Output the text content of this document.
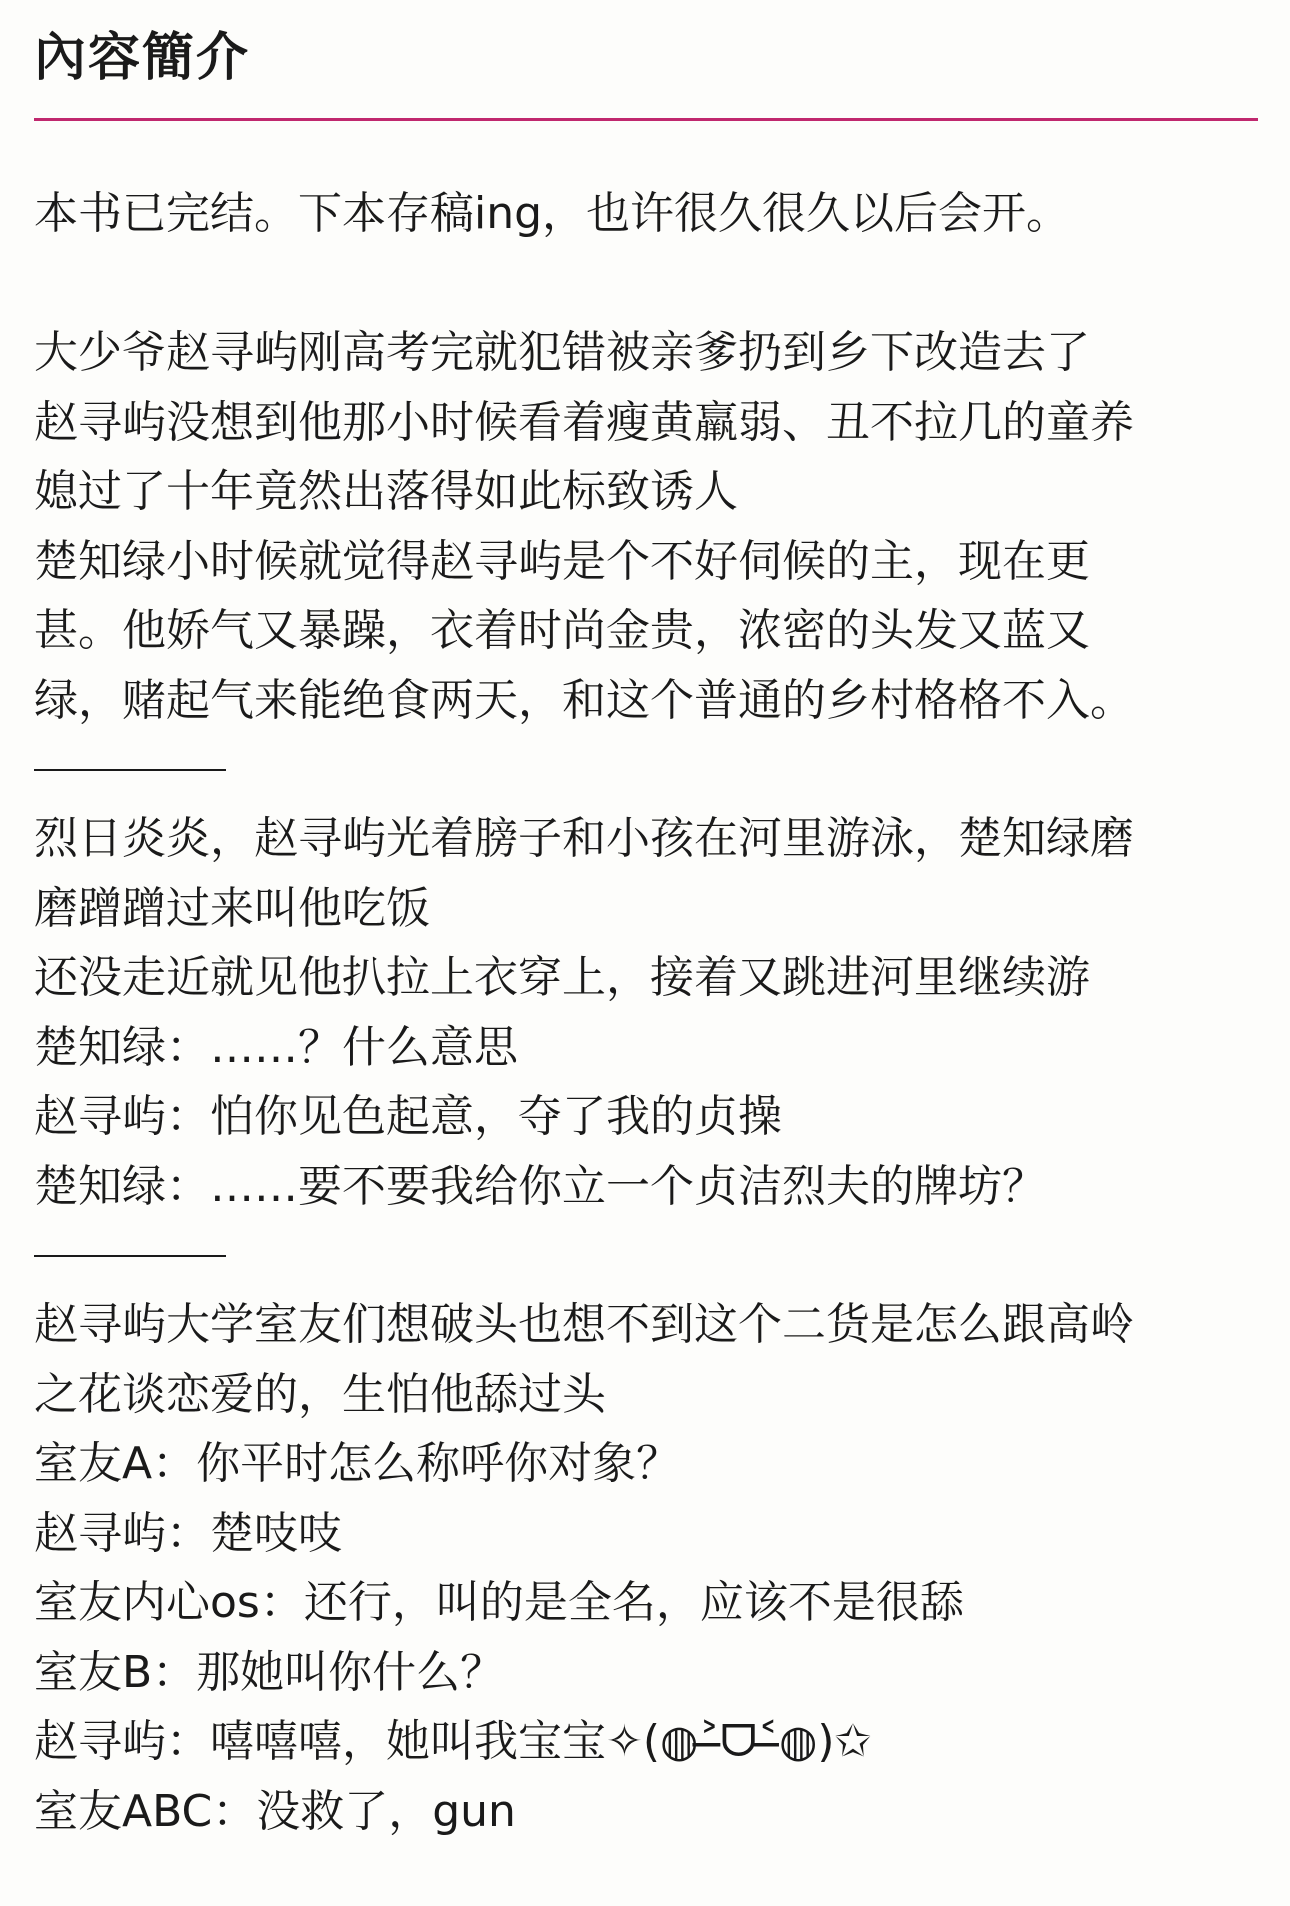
內容簡介

本书已完结。下本存稿ing，也许很久很久以后会开。

大少爷赵寻屿刚高考完就犯错被亲爹扔到乡下改造去了

赵寻屿没想到他那小时候看着瘦黄羸弱、丑不拉几的童养

媳过了十年竟然出落得如此标致诱人

楚知绿小时候就觉得赵寻屿是个不好伺候的主，现在更

甚。他娇气又暴躁，衣着时尚金贵，浓密的头发又蓝又

绿，赌起气来能绝食两天，和这个普通的乡村格格不入。

烈日炎炎，赵寻屿光着膀子和小孩在河里游泳，楚知绿磨

磨蹭蹭过来叫他吃饭

还没走近就见他扒拉上衣穿上，接着又跳进河里继续游

楚知绿：……？什么意思

赵寻屿：怕你见色起意，夺了我的贞操

楚知绿：……要不要我给你立一个贞洁烈夫的牌坊？

赵寻屿大学室友们想破头也想不到这个二货是怎么跟高岭

之花谈恋爱的，生怕他舔过头

室友A：你平时怎么称呼你对象？

赵寻屿：楚吱吱

室友内心os：还行，叫的是全名，应该不是很舔

室友B：那她叫你什么？

赵寻屿：嘻嘻嘻，她叫我宝宝✧(◍˃̶ᗜ˂̶◍)✩

室友ABC：没救了，gun
